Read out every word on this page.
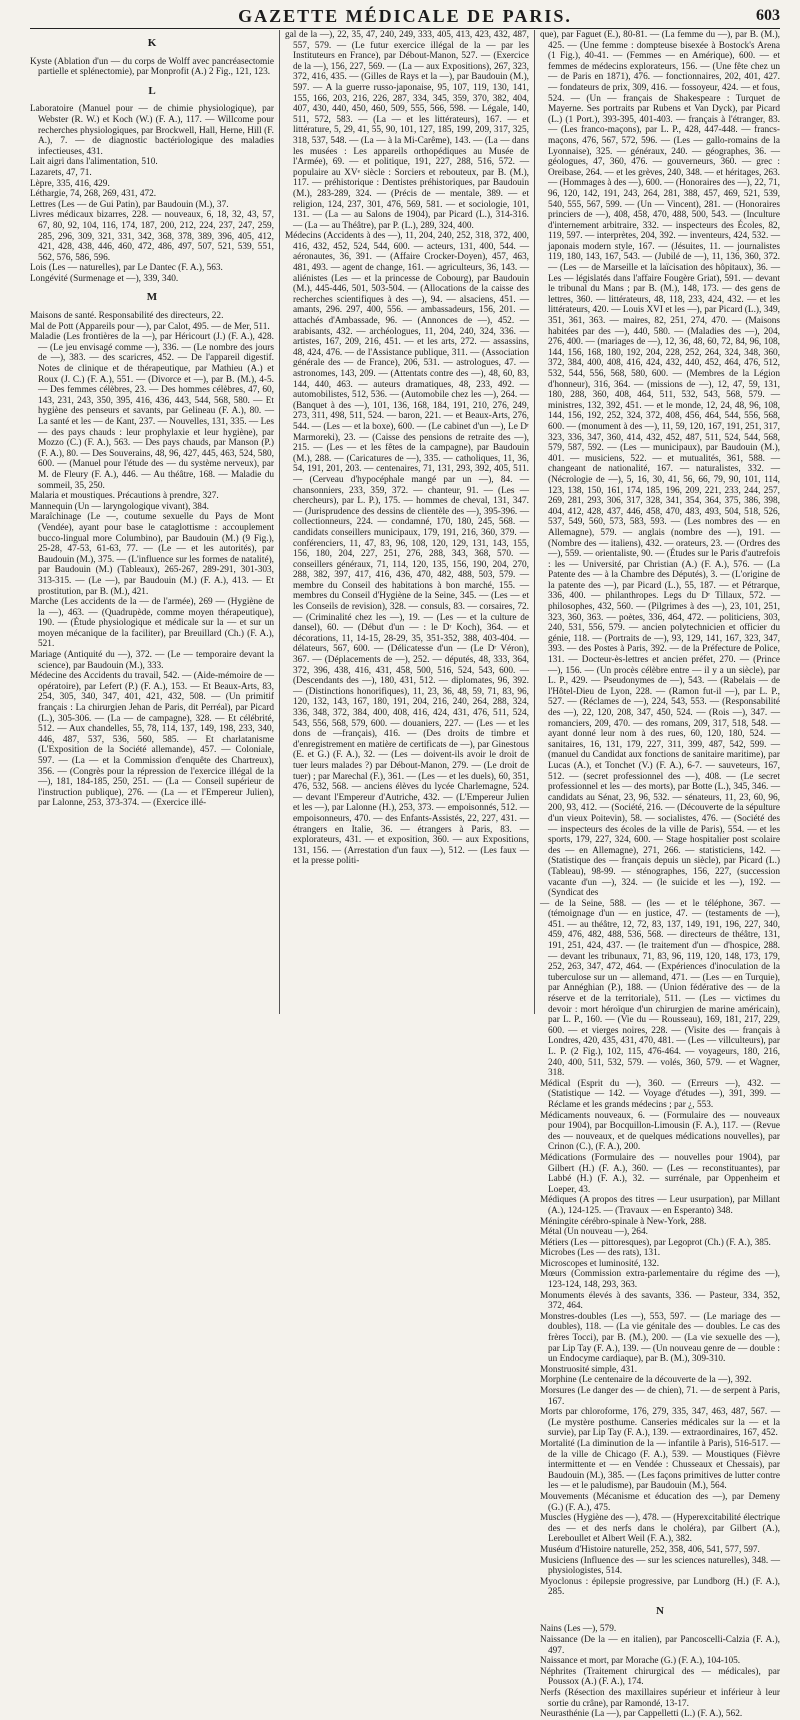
GAZETTE MÉDICALE DE PARIS.	603
K

Kyste (Ablation d'un — du corps de Wolff avec pancréasectomie partielle et splénectomie), par Monprofit (A.) 2 Fig., 121, 123.

L

Laboratoire (Manuel pour — de chimie physiologique), par Webster (R. W.) et Koch (W.) (F. A.), 117. — Willcome pour recherches physiologiques, par Brockwell, Hall, Herne, Hill (F. A.), 7. — de diagnostic bactériologique des maladies infectieuses, 431.

Lait aigri dans l'alimentation, 510.

Lazarets, 47, 71.

Lèpre, 335, 416, 429.

Léthargie, 74, 268, 269, 431, 472.

Lettres (Les — de Gui Patin), par Baudouin (M.), 37.

Livres médicaux bizarres, 228. — nouveaux, 6, 18, 32, 43, 57, 67, 80, 92, 104, 116, 174, 187, 200, 212, 224, 237, 247, 259, 285, 296, 309, 321, 331, 342, 368, 378, 389, 396, 405, 412, 421, 428, 438, 446, 460, 472, 486, 497, 507, 521, 539, 551, 562, 576, 586, 596.

Lois (Les — naturelles), par Le Dantec (F. A.), 563.

Longévité (Surmenage et —), 339, 340.

M

Maisons de santé. Responsabilité des directeurs, 22.

Mal de Pott (Appareils pour —), par Calot, 495. — de Mer, 511.

Maladie (Les frontières de la —), par Héricourt (J.) (F. A.), 428. — (Le jeu envisagé comme —), 336. — (Le nombre des jours de —), 383. — des scaricres, 452. — De l'appareil digestif. Notes de clinique et de thérapeutique, par Mathieu (A.) et Roux (J. C.) (F. A.), 551. — (Divorce et —), par B. (M.), 4-5. — Des femmes célèbres, 23. — Des hommes célèbres, 47, 60, 143, 231, 243, 350, 395, 416, 436, 443, 544, 568, 580. — Et hygiène des penseurs et savants, par Gelineau (F. A.), 80. — La santé et les — de Kant, 237. — Nouvelles, 131, 335. — Les — des pays chauds : leur prophylaxie et leur hygiène), par Mozzo (C.) (F. A.), 563. — Des pays chauds, par Manson (P.) (F. A.), 80. — Des Souverains, 48, 96, 427, 445, 463, 524, 580, 600. — (Manuel pour l'étude des — du système nerveux), par M. de Fleury (F. A.), 446. — Au théâtre, 168. — Maladie du sommeil, 35, 250.

Malaria et moustiques. Précautions à prendre, 327.

Mannequin (Un — laryngologique vivant), 384.

Maraîchinage (Le —, coutume sexuelle du Pays de Mont (Vendée), ayant pour base le cataglottisme : accouplement bucco-lingual more Columbino), par Baudouin (M.) (9 Fig.), 25-28, 47-53, 61-63, 77. — (Le — et les autorités), par Baudouin (M.), 375. — (L'influence sur les formes de natalité), par Baudouin (M.) (Tableaux), 265-267, 289-291, 301-303, 313-315. — (Le —), par Baudouin (M.) (F. A.), 413. — Et prostitution, par B. (M.), 421.

Marche (Les accidents de la — de l'armée), 269 — (Hygiène de la —), 463. — (Quadrupède, comme moyen thérapeutique), 190. — (Étude physiologique et médicale sur la — et sur un moyen mécanique de la faciliter), par Breuillard (Ch.) (F. A.), 521.

Mariage (Antiquité du —), 372. — (Le — temporaire devant la science), par Baudouin (M.), 333.

Médecine des Accidents du travail, 542. — (Aide-mémoire de — opératoire), par Lefert (P.) (F. A.), 153. — Et Beaux-Arts, 83, 254, 305, 340, 347, 401, 421, 432, 508. — (Un primitif français : La chirurgien Jehan de Paris, dit Perréal), par Picard (L.), 305-306. — (La — de campagne), 328. — Et célébrité, 512. — Aux chandelles, 55, 78, 114, 137, 149, 198, 233, 340, 446, 487, 537, 536, 560, 585. — Et charlatanisme (L'Exposition de la Société allemande), 457. — Coloniale, 597. — (La — et la Commission d'enquête des Chartreux), 356. — (Congrès pour la répression de l'exercice illégal de la —), 181, 184-185, 250, 251. — (La — Conseil supérieur de l'instruction publique), 276. — (La — et l'Empereur Julien), par Lalonne, 253, 373-374. — (Exercice illé-

gal de la —), 22, 35, 47, 240, 249, 333, 405, 413, 423, 432, 487, 557, 579. — (Le futur exercice illégal de la — par les Instituteurs en France), par Débout-Manon, 527. — (Exercice de la —), 156, 227, 569. — (La — aux Expositions), 267, 323, 372, 416, 435. — (Gilles de Rays et la —), par Baudouin (M.), 597. — A la guerre russo-japonaise, 95, 107, 119, 130, 141, 155, 166, 203, 216, 226, 287, 334, 345, 359, 370, 382, 404, 407, 430, 440, 450, 460, 509, 555, 566, 598. — Légale, 140, 511, 572, 583. — (La — et les littérateurs), 167. — et littérature, 5, 29, 41, 55, 90, 101, 127, 185, 199, 209, 317, 325, 318, 537, 548. — (La — à la Mi-Carême), 143. — (La — dans les musées : Les appareils orthopédiques au Musée de l'Armée), 69. — et politique, 191, 227, 288, 516, 572. — populaire au XVᵉ siècle : Sorciers et rebouteux, par B. (M.), 117. — préhistorique : Dentistes préhistoriques, par Baudouin (M.), 283-289, 324. — (Précis de — mentale, 389. — et religion, 124, 237, 301, 476, 569, 581. — et sociologie, 101, 131. — (La — au Salons de 1904), par Picard (L.), 314-316. — (La — au Théâtre), par P. (L.), 289, 324, 400.

Médecins (Accidents à des —), 11, 204, 240, 252, 318, 372, 400, 416, 432, 452, 524, 544, 600. — acteurs, 131, 400, 544. — aéronautes, 36, 391. — (Affaire Crocker-Doyen), 457, 463, 481, 493. — agent de change, 161. — agriculteurs, 36, 143. — aliénistes (Les — et la princesse de Cobourg), par Baudouin (M.), 445-446, 501, 503-504. — (Allocations de la caisse des recherches scientifiques à des —), 94. — alsaciens, 451. — amants, 296. 297, 400, 556. — ambassadeurs, 156, 201. — attachés d'Ambassade, 96. — (Annonces de —), 452. — arabisants, 432. — archéologues, 11, 204, 240, 324, 336. — artistes, 167, 209, 216, 451. — et les arts, 272. — assassins, 48, 424, 476. — de l'Assistance publique, 311. — (Association générale des — de France), 206, 531. — astrologues, 47. — astronomes, 143, 209. — (Attentats contre des —), 48, 60, 83, 144, 440, 463. — auteurs dramatiques, 48, 233, 492. — automobilistes, 512, 536. — (Automobile chez les —), 264. — (Banquet à des —), 101, 136, 168, 184, 191, 210, 276, 249, 273, 311, 498, 511, 524. — baron, 221. — et Beaux-Arts, 276, 544. — (Les — et la boxe), 600. — (Le cabinet d'un —), Le Dʳ Marmoreki), 23. — (Caisse des pensions de retraite des —), 215. — (Les — et les fêtes de la campagne), par Baudouin (M.), 288. — (Caricatures de —), 335. — catholiques, 11, 36, 54, 191, 201, 203. — centenaires, 71, 131, 293, 392, 405, 511. — (Cerveau d'hypocéphale mangé par un —), 84. — chansonniers, 233, 359, 372. — chanteur, 91. — (Les — chercheurs), par L. P.), 175. — hommes de cheval, 131, 347. — (Jurisprudence des dessins de clientèle des —), 395-396. — collectionneurs, 224. — condamné, 170, 180, 245, 568. — candidats conseillers municipaux, 179, 191, 216, 360, 379. — conférenciers, 11, 47, 83, 96, 108, 120, 129, 131, 143, 155, 156, 180, 204, 227, 251, 276, 288, 343, 368, 570. — conseillers généraux, 71, 114, 120, 135, 156, 190, 204, 270, 288, 382, 397, 417, 416, 436, 470, 482, 488, 503, 579. — membre du Conseil des habitations à bon marché, 155. — membres du Conseil d'Hygiène de la Seine, 345. — (Les — et les Conseils de revision), 328. — consuls, 83. — corsaires, 72. — (Criminalité chez les —), 19. — (Les — et la culture de dansel), 60. — (Début d'un — : le Dʳ Koch), 364. — et décorations, 11, 14-15, 28-29, 35, 351-352, 388, 403-404. — délateurs, 567, 600. — (Délicatesse d'un — (Le Dʳ Véron), 367. — (Déplacements de —), 252. — députés, 48, 333, 364, 372, 396, 438, 416, 431, 458, 500, 516, 524, 543, 600. — (Descendants des —), 180, 431, 512. — diplomates, 96, 392. — (Distinctions honorifiques), 11, 23, 36, 48, 59, 71, 83, 96, 120, 132, 143, 167, 180, 191, 204, 216, 240, 264, 288, 324, 336, 348, 372, 384, 400, 408, 416, 424, 431, 476, 511, 524, 543, 556, 568, 579, 600. — douaniers, 227. — (Les — et les dons de —français), 416. — (Des droits de timbre et d'enregistrement en matière de certificats de —), par Ginestous (E. et G.) (F. A.), 32. — (Les — doivent-ils avoir le droit de tuer leurs malades ?) par Débout-Manon, 279. — (Le droit de tuer) ; par Marechal (F.), 361. — (Les — et les duels), 60, 351, 476, 532, 568. — anciens élèves du lycée Charlemagne, 524. — devant l'Empereur d'Autriche, 432. — (L'Empereur Julien et les —), par Lalonne (H.), 253, 373. — empoisonnés, 512. — empoisonneurs, 470. — des Enfants-Assistés, 22, 227, 431. — étrangers en Italie, 36. — étrangers à Paris, 83. — explorateurs, 431. — et exposition, 360. — aux Expositions, 131, 156. — (Arrestation d'un faux —), 512. — (Les faux — et la presse politi-

que), par Faguet (E.), 80-81. — (La femme du —), par B. (M.), 425. — (Une femme : dompteuse bisexée à Bostock's Arena (1 Fig.), 40-41. — (Femmes — en Amérique), 600. — et femmes de médecins explorateurs, 156. — (Une fête chez un — de Paris en 1871), 476. — fonctionnaires, 202, 401, 427. — fondateurs de prix, 309, 416. — fossoyeur, 424. — et fous, 524. — (Un — français de Shakespeare : Turquet de Mayerne. Ses portraits par Rubens et Van Dyck), par Picard (L.) (1 Port.), 393-395, 401-403. — français à l'étranger, 83. — (Les franco-maçons), par L. P., 428, 447-448. — francs-maçons, 476, 567, 572, 596. — (Les — gallo-romains de la Lyonnaise), 325. — généraux, 240. — géographes, 36. — géologues, 47, 360, 476. — gouverneurs, 360. — grec : Oreibase, 264. — et les grèves, 240, 348. — et héritages, 263. — (Hommages à des —), 600. — (Honoraires des —), 22, 71, 96, 120, 142, 191, 243, 264, 281, 388, 457, 469, 521, 539, 540, 555, 567, 599. — (Un — Vincent), 281. — (Honoraires princiers de —), 408, 458, 470, 488, 500, 543. — (Inculture d'internement arbitraire, 332. — inspecteurs des Écoles, 82, 119, 597. — interprètes, 204, 392. — inventeurs, 424, 532. — japonais modern style, 167. — (Jésuites, 11. — journalistes 119, 180, 143, 167, 543. — (Jubilé de —), 11, 136, 360, 372. — (Les — de Marseille et la laïcisation des hôpitaux), 36. — Les — législatés dans l'affaire Fougère Griat), 591. — devant le tribunal du Mans ; par B. (M.), 148, 173. — des gens de lettres, 360. — littérateurs, 48, 118, 233, 424, 432. — et les littérateurs, 420. — Louis XVI et les —), par Picard (L.), 349, 351, 361, 363. — maires, 82, 251, 274, 470. — (Maisons habitées par des —), 440, 580. — (Maladies des —), 204, 276, 400. — (mariages de —), 12, 36, 48, 60, 72, 84, 96, 108, 144, 156, 168, 180, 192, 204, 228, 252, 264, 324, 348, 360, 372, 384, 400, 408, 416, 424, 432, 440, 452, 464, 476, 512, 532, 544, 556, 568, 580, 600. — (Membres de la Légion d'honneur), 316, 364. — (missions de —), 12, 47, 59, 131, 180, 288, 360, 408, 464, 511, 532, 543, 568, 579. — ministres, 132, 392, 451. — et le monde, 12, 24, 48, 96, 108, 144, 156, 192, 252, 324, 372, 408, 456, 464, 544, 556, 568, 600. — (monument à des —), 11, 59, 120, 167, 191, 251, 317, 323, 336, 347, 360, 414, 432, 452, 487, 511, 524, 544, 568, 579, 587, 592. — (Les — municipaux), par Baudouin (M.), 401. — musiciens, 522. — et mutualités, 361, 588. — changeant de nationalité, 167. — naturalistes, 332. — (Nécrologie de —), 5, 16, 30, 41, 56, 66, 79, 90, 101, 114, 123, 138, 150, 161, 174, 185, 196, 209, 221, 233, 244, 257, 269, 281, 293, 306, 317, 328, 341, 354, 364, 375, 386, 398, 404, 412, 428, 437, 446, 458, 470, 483, 493, 504, 518, 526, 537, 549, 560, 573, 583, 593. — (Les nombres des — en Allemagne), 579. — anglais (nombre des —), 191. — (Nombre des — italiens), 432. — orateurs, 23. — (Ordres des —), 559. — orientaliste, 90. — (Études sur le Paris d'autrefois : les — Université, par Christian (A.) (F. A.), 576. — (La Patente des — à la Chambre des Députés), 3. — (L'origine de la patente des —), par Picard (L.), 55, 187. — et Pétrarque, 336, 400. — philanthropes. Legs du Dʳ Tillaux, 572. — philosophes, 432, 560. — (Pilgrimes à des —), 23, 101, 251, 323, 360, 363. — poètes, 336, 464, 472. — politiciens, 303, 240, 531, 556, 579. — ancien polytechnicien et officier du génie, 118. — (Portraits de —), 93, 129, 141, 167, 323, 347, 393. — des Postes à Paris, 392. — de la Préfecture de Police, 131. — Docteur-ès-lettres et ancien préfet, 270. — (Prince —), 156. — (Un procès célèbre entre — il y a un siècle), par L. P., 429. — Pseudonymes de —), 543. — (Rabelais — de l'Hôtel-Dieu de Lyon, 228. — (Ramon fut-il —), par L. P., 527. — (Réclames de —), 224, 543, 553. — (Responsabilité des —), 22, 120, 208, 347, 450, 524. — (Rois —), 347. — romanciers, 209, 470. — des romans, 209, 317, 518, 548. — ayant donné leur nom à des rues, 60, 120, 180, 524. — sanitaires, 16, 131, 179, 227, 311, 399, 487, 542, 599. — (manuel du Candidat aux fonctions de sanitaire maritime), par Lucas (A.), et Tonchet (V.) (F. A.), 6-7. — sauveteurs, 167, 512. — (secret professionnel des —), 408. — (Le secret professionnel et les — des morts), par Botte (L.), 345, 346. — candidats au Sénat, 23, 96, 532. — sénateurs, 11, 23, 60, 96, 200, 93, 412. — (Société, 216. — (Découverte de la sépulture d'un vieux Poitevin), 58. — socialistes, 476. — (Société des — inspecteurs des écoles de la ville de Paris), 554. — et les sports, 179, 227, 324, 600. — Stage hospitalier post scolaire des — en Allemagne), 271, 266. — statisticiens, 142. — (Statistique des — français depuis un siècle), par Picard (L.) (Tableau), 98-99. — sténographes, 156, 227, (succession vacante d'un —), 324. — (le suicide et les —), 192. — (Syndicat des

— de la Seine, 588. — (les — et le téléphone, 367. — (témoignage d'un — en justice, 47. — (testaments de —), 451. — au théâtre, 12, 72, 83, 137, 149, 191, 196, 227, 340, 459, 476, 482, 488, 536, 568. — directeurs de théâtre, 131, 191, 251, 424, 437. — (le traitement d'un — d'hospice, 288. — devant les tribunaux, 71, 83, 96, 119, 120, 148, 173, 179, 252, 263, 347, 472, 464. — (Expériences d'inoculation de la tuberculose sur un — allemand, 471. — (Les — en Turquie), par Annéghian (P.), 188. — (Union fédérative des — de la réserve et de la territoriale), 511. — (Les — victimes du devoir : mort héroïque d'un chirurgien de marine américain), par L. P., 160. — (Vie du — Rousseau), 169, 181, 217, 229, 600. — et vierges noires, 228. — (Visite des — français à Londres, 420, 435, 431, 470, 481. — (Les — villculteurs), par L. P. (2 Fig.), 102, 115, 476-464. — voyageurs, 180, 216, 240, 400, 511, 532, 579. — volés, 360, 579. — et Wagner, 318.

Médical (Esprit du —), 360. — (Erreurs —), 432. — (Statistique — 142. — Voyage d'études —), 391, 399. — Réclame et les grands médecins ; par ¿, 553.

Médicaments nouveaux, 6. — (Formulaire des — nouveaux pour 1904), par Bocquillon-Limousin (F. A.), 117. — (Revue des — nouveaux, et de quelques médications nouvelles), par Crinon (C.), (F. A.), 200.

Médications (Formulaire des — nouvelles pour 1904), par Gilbert (H.) (F. A.), 360. — (Les — reconstituantes), par Labbé (H.) (F. A.), 32. — surrénale, par Oppenheim et Loeper, 43.

Médiques (A propos des titres — Leur usurpation), par Millant (A.), 124-125. — (Travaux — en Esperanto) 348.

Méningite cérébro-spinale à New-York, 288.

Métal (Un nouveau —), 264.

Métiers (Les — pittoresques), par Legoprot (Ch.) (F. A.), 385.

Microbes (Les — des rats), 131.

Microscopes et luminosité, 132.

Mœurs (Commission extra-parlementaire du régime des —), 123-124, 148, 293, 363.

Monuments élevés à des savants, 336. — Pasteur, 334, 352, 372, 464.

Monstres-doubles (Les —), 553, 597. — (Le mariage des — doubles), 118. — (La vie génitale des — doubles. Le cas des frères Tocci), par B. (M.), 200. — (La vie sexuelle des —), par Lip Tay (F. A.), 139. — (Un nouveau genre de — double : un Endocyme cardiaque), par B. (M.), 309-310.

Monstruosité simple, 431.

Morphine (Le centenaire de la découverte de la —), 392.

Morsures (Le danger des — de chien), 71. — de serpent à Paris, 167.

Morts par chloroforme, 176, 279, 335, 347, 463, 487, 567. — (Le mystère posthume. Canseries médicales sur la — et la survie), par Lip Tay (F. A.), 139. — extraordinaires, 167, 452.

Mortalité (La diminution de la — infantile à Paris), 516-517. — de la ville de Chicago (F. A.), 539. — Moustiques (Fièvre intermittente et — en Vendée : Chusseaux et Chessais), par Baudouin (M.), 385. — (Les façons primitives de lutter contre les — et le paludisme), par Baudouin (M.), 564.

Mouvements (Mécanisme et éducation des —), par Demeny (G.) (F. A.), 475.

Muscles (Hygiène des —), 478. — (Hyperexcitabilité électrique des — et des nerfs dans le choléra), par Gilbert (A.), Lereboullet et Albert Weil (F. A.), 382.

Muséum d'Histoire naturelle, 252, 358, 406, 541, 577, 597.

Musiciens (Influence des — sur les sciences naturelles), 348. — physiologistes, 514.

Myoclonus : épilepsie progressive, par Lundborg (H.) (F. A.), 285.

N

Nains (Les —), 579.

Naissance (De la — en italien), par Pancoscelli-Calzia (F. A.), 497.

Naissance et mort, par Morache (G.) (F. A.), 104-105.

Néphrites (Traitement chirurgical des — médicales), par Poussox (A.) (F. A.), 174.

Nerfs (Résection des maxillaires supérieur et inférieur à leur sortie du crâne), par Ramondé, 13-17.

Neurasthénie (La —), par Cappelletti (L.) (F. A.), 562.
